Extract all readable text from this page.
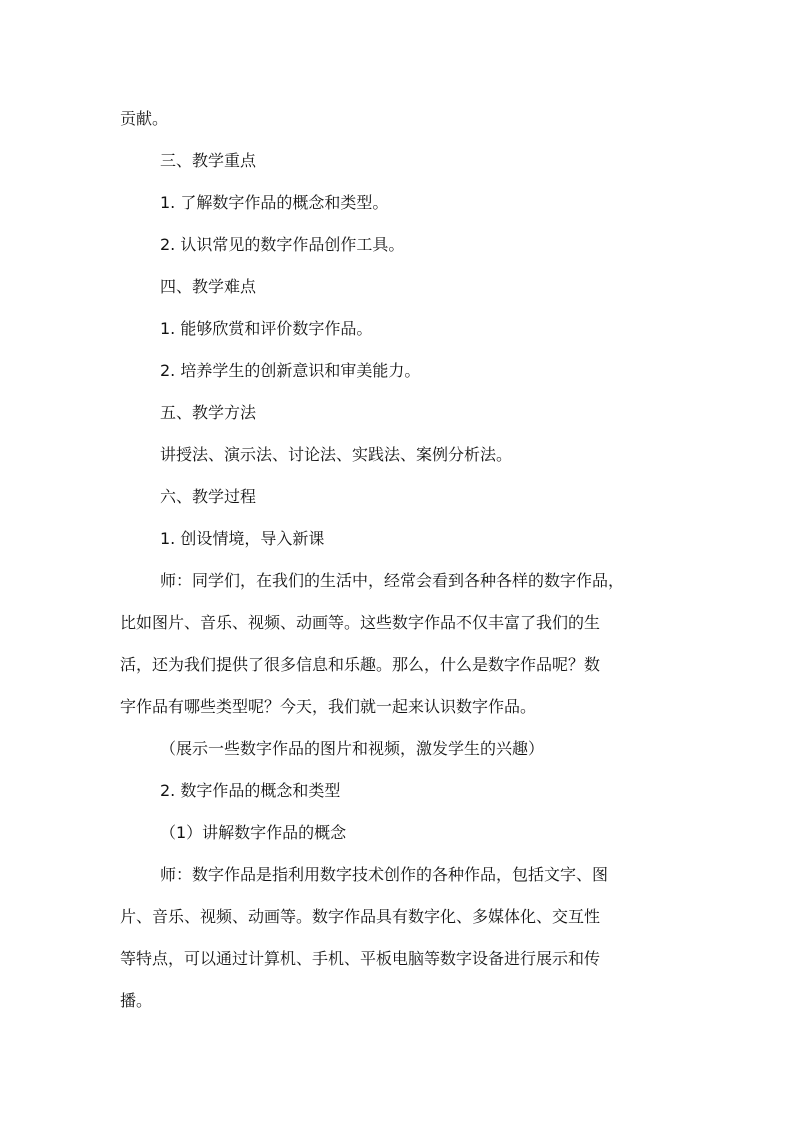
贡献。
三、教学重点
1. 了解数字作品的概念和类型。
2. 认识常见的数字作品创作工具。
四、教学难点
1. 能够欣赏和评价数字作品。
2. 培养学生的创新意识和审美能力。
五、教学方法
讲授法、演示法、讨论法、实践法、案例分析法。
六、教学过程
1. 创设情境，导入新课
师：同学们，在我们的生活中，经常会看到各种各样的数字作品，
比如图片、音乐、视频、动画等。这些数字作品不仅丰富了我们的生
活，还为我们提供了很多信息和乐趣。那么，什么是数字作品呢？数
字作品有哪些类型呢？今天，我们就一起来认识数字作品。
（展示一些数字作品的图片和视频，激发学生的兴趣）
2. 数字作品的概念和类型
（1）讲解数字作品的概念
师：数字作品是指利用数字技术创作的各种作品，包括文字、图
片、音乐、视频、动画等。数字作品具有数字化、多媒体化、交互性
等特点，可以通过计算机、手机、平板电脑等数字设备进行展示和传
播。
